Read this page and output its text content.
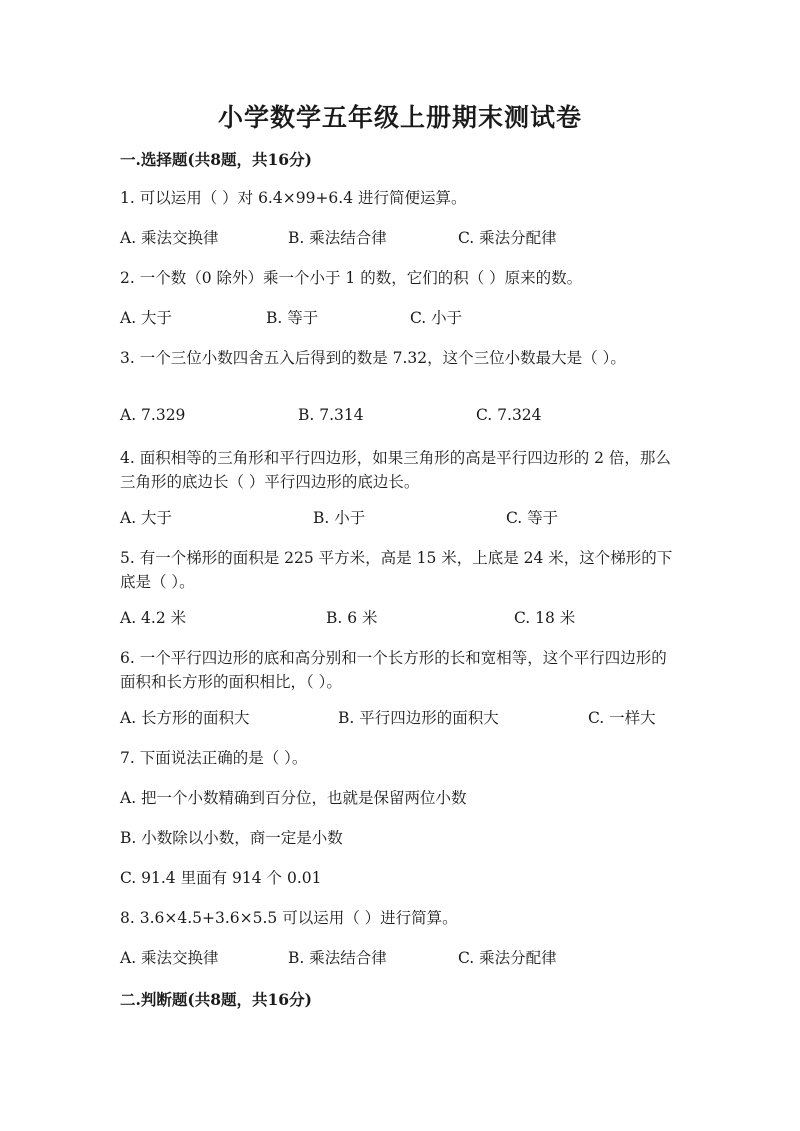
小学数学五年级上册期末测试卷
一.选择题(共8题，共16分)
1. 可以运用（ ）对 6.4×99+6.4 进行简便运算。
A. 乘法交换律	B. 乘法结合律	C. 乘法分配律
2. 一个数（0 除外）乘一个小于 1 的数，它们的积（ ）原来的数。
A. 大于	B. 等于	C. 小于
3. 一个三位小数四舍五入后得到的数是 7.32，这个三位小数最大是（ ）。
A. 7.329	B. 7.314	C. 7.324
4. 面积相等的三角形和平行四边形，如果三角形的高是平行四边形的 2 倍，那么三角形的底边长（ ）平行四边形的底边长。
A. 大于	B. 小于	C. 等于
5. 有一个梯形的面积是 225 平方米，高是 15 米，上底是 24 米，这个梯形的下底是（ ）。
A. 4.2 米	B. 6 米	C. 18 米
6. 一个平行四边形的底和高分别和一个长方形的长和宽相等，这个平行四边形的面积和长方形的面积相比，（ ）。
A. 长方形的面积大	B. 平行四边形的面积大	C. 一样大
7. 下面说法正确的是（ ）。
A. 把一个小数精确到百分位，也就是保留两位小数
B. 小数除以小数，商一定是小数
C. 91.4 里面有 914 个 0.01
8. 3.6×4.5+3.6×5.5 可以运用（ ）进行简算。
A. 乘法交换律	B. 乘法结合律	C. 乘法分配律
二.判断题(共8题，共16分)
